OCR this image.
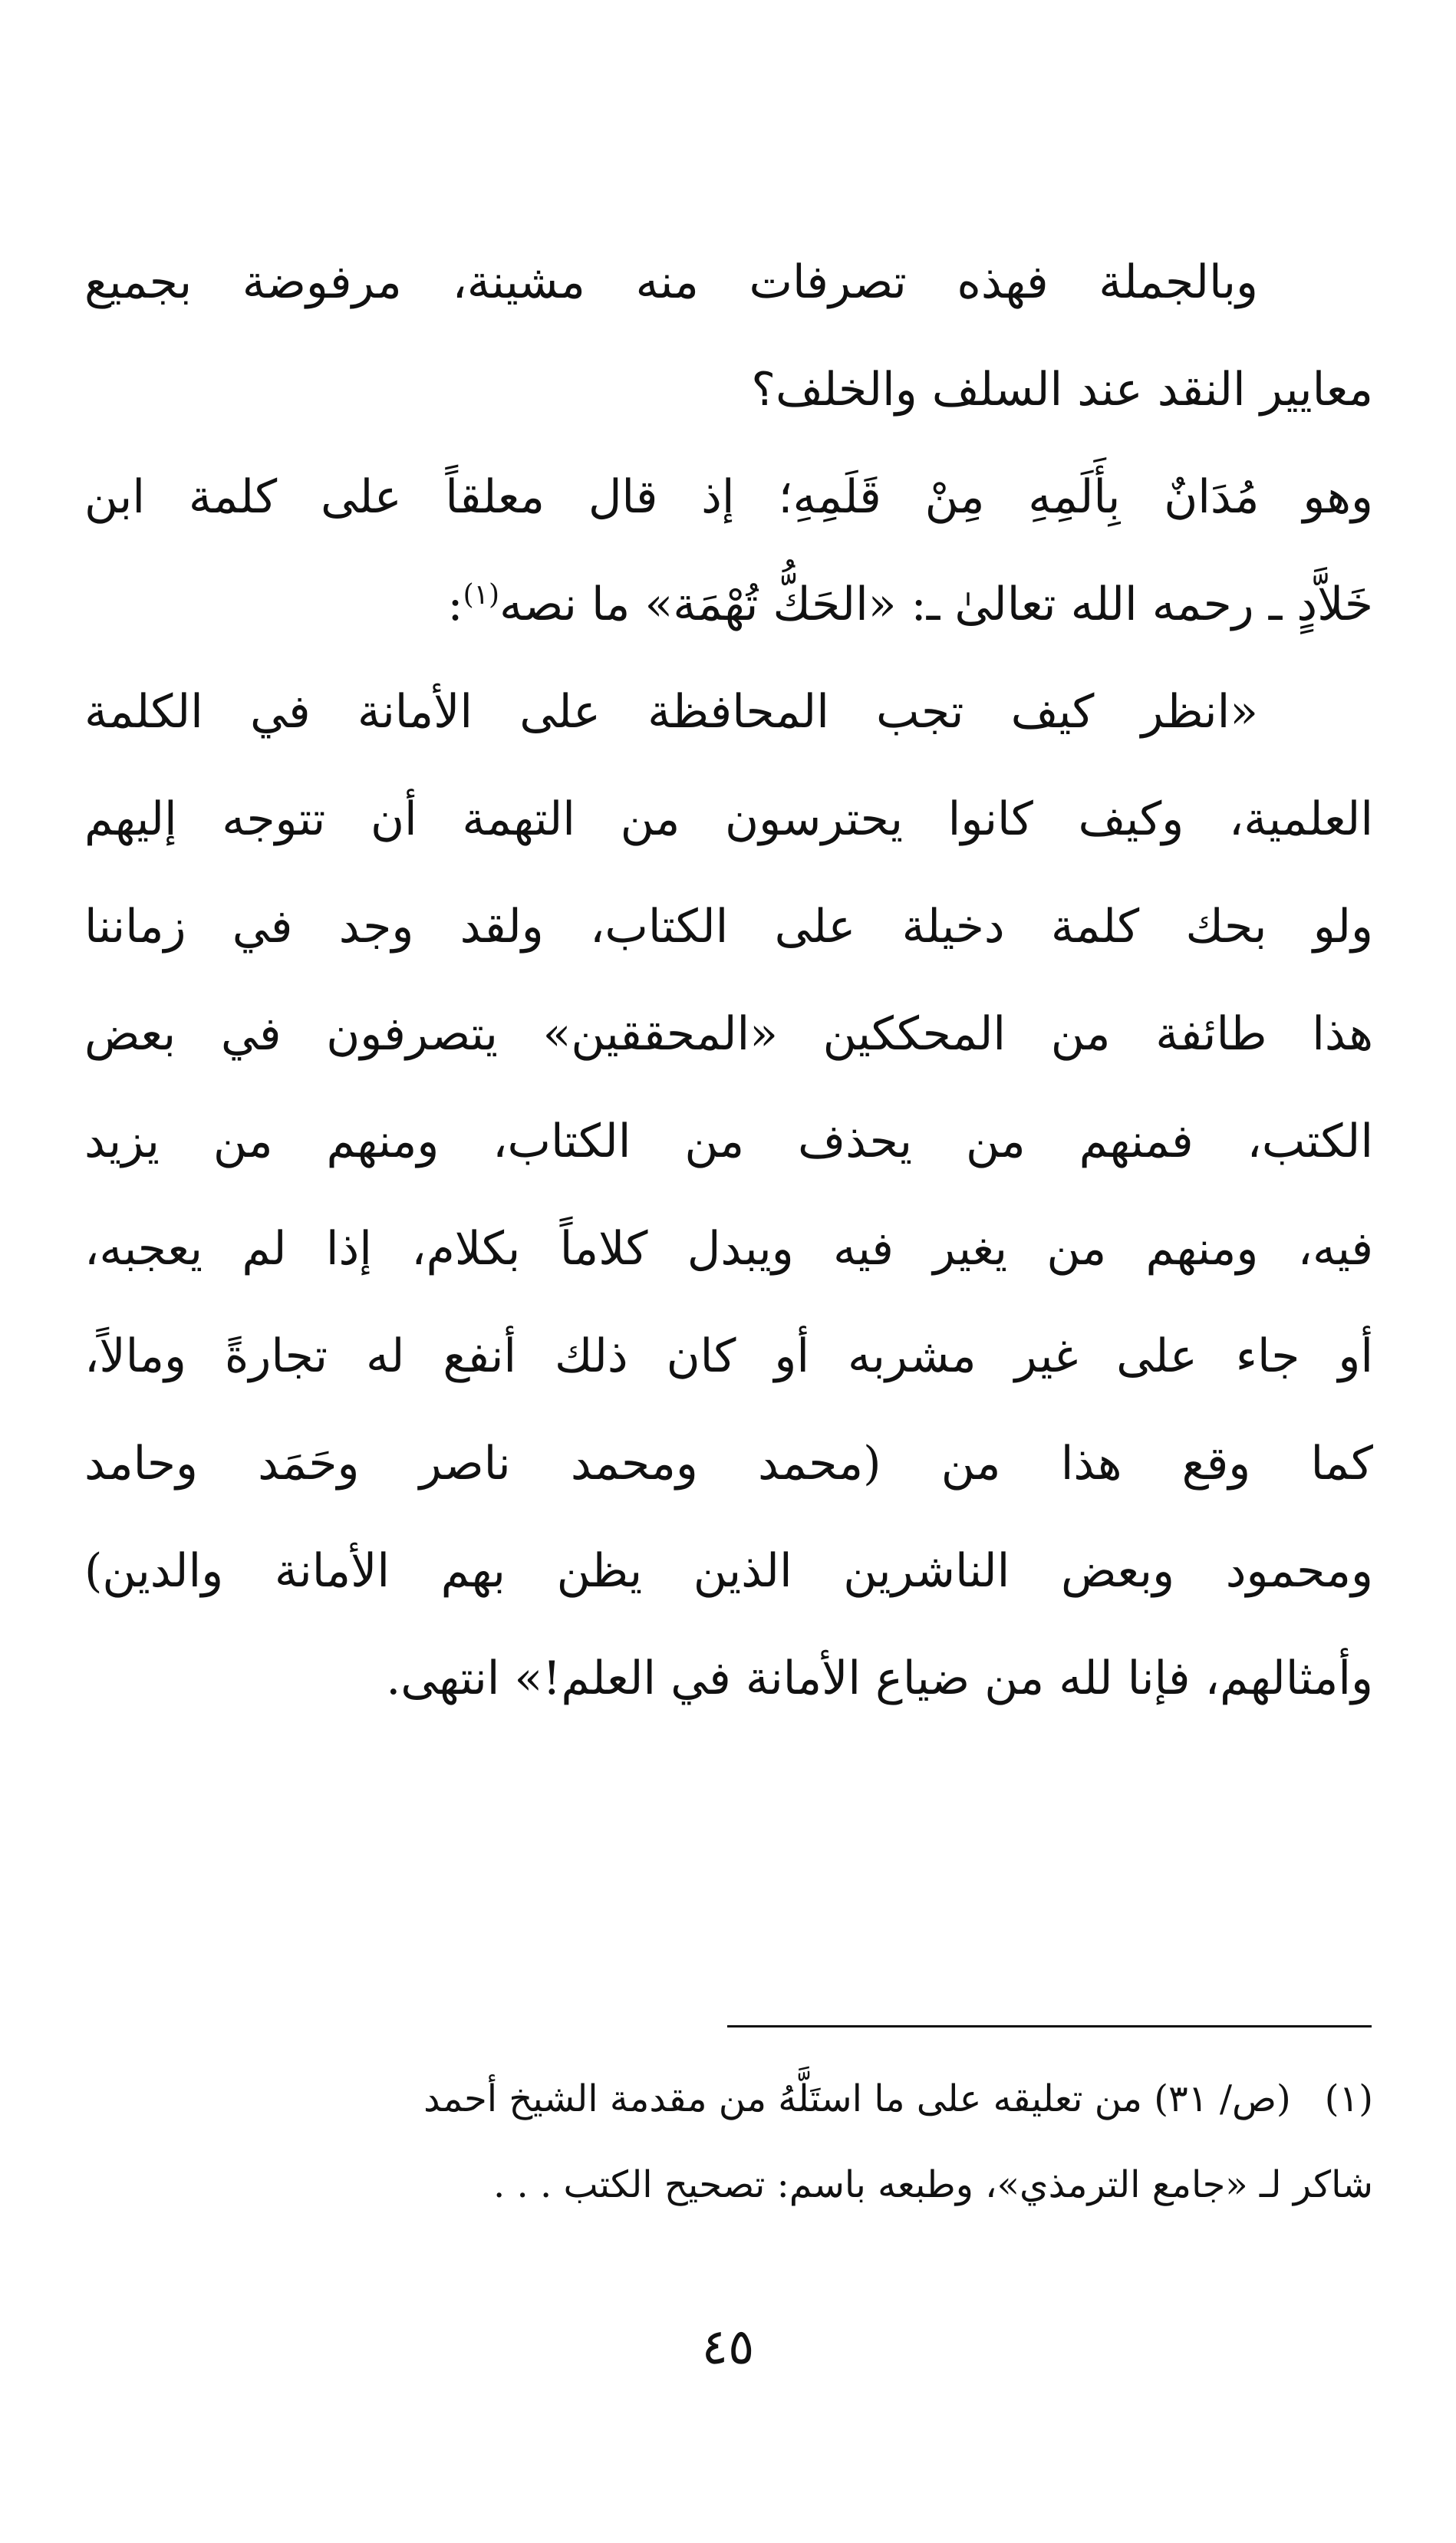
وبالجملة فهذه تصرفات منه مشينة، مرفوضة بجميع
معايير النقد عند السلف والخلف؟
وهو مُدَانٌ بِأَلَمِهِ مِنْ قَلَمِهِ؛ إذ قال معلقاً على كلمة ابن
خَلاَّدٍ ـ رحمه الله تعالىٰ ـ: «الحَكُّ تُهْمَة» ما نصه$^{(١)}$:
«انظر كيف تجب المحافظة على الأمانة في الكلمة
العلمية، وكيف كانوا يحترسون من التهمة أن تتوجه إليهم
ولو بحك كلمة دخيلة على الكتاب، ولقد وجد في زماننا
هذا طائفة من المحككين «المحققين» يتصرفون في بعض
الكتب، فمنهم من يحذف من الكتاب، ومنهم من يزيد
فيه، ومنهم من يغير فيه ويبدل كلاماً بكلام، إذا لم يعجبه،
أو جاء على غير مشربه أو كان ذلك أنفع له تجارةً ومالاً،
كما وقع هذا من (محمد ومحمد ناصر وحَمَد وحامد
ومحمود وبعض الناشرين الذين يظن بهم الأمانة والدين)
وأمثالهم، فإنا لله من ضياع الأمانة في العلم!» انتهى.
(١)(ص/ ٣١) من تعليقه على ما استَلَّهُ من مقدمة الشيخ أحمد
شاكر لـ «جامع الترمذي»، وطبعه باسم: تصحيح الكتب . . .
٤٥
